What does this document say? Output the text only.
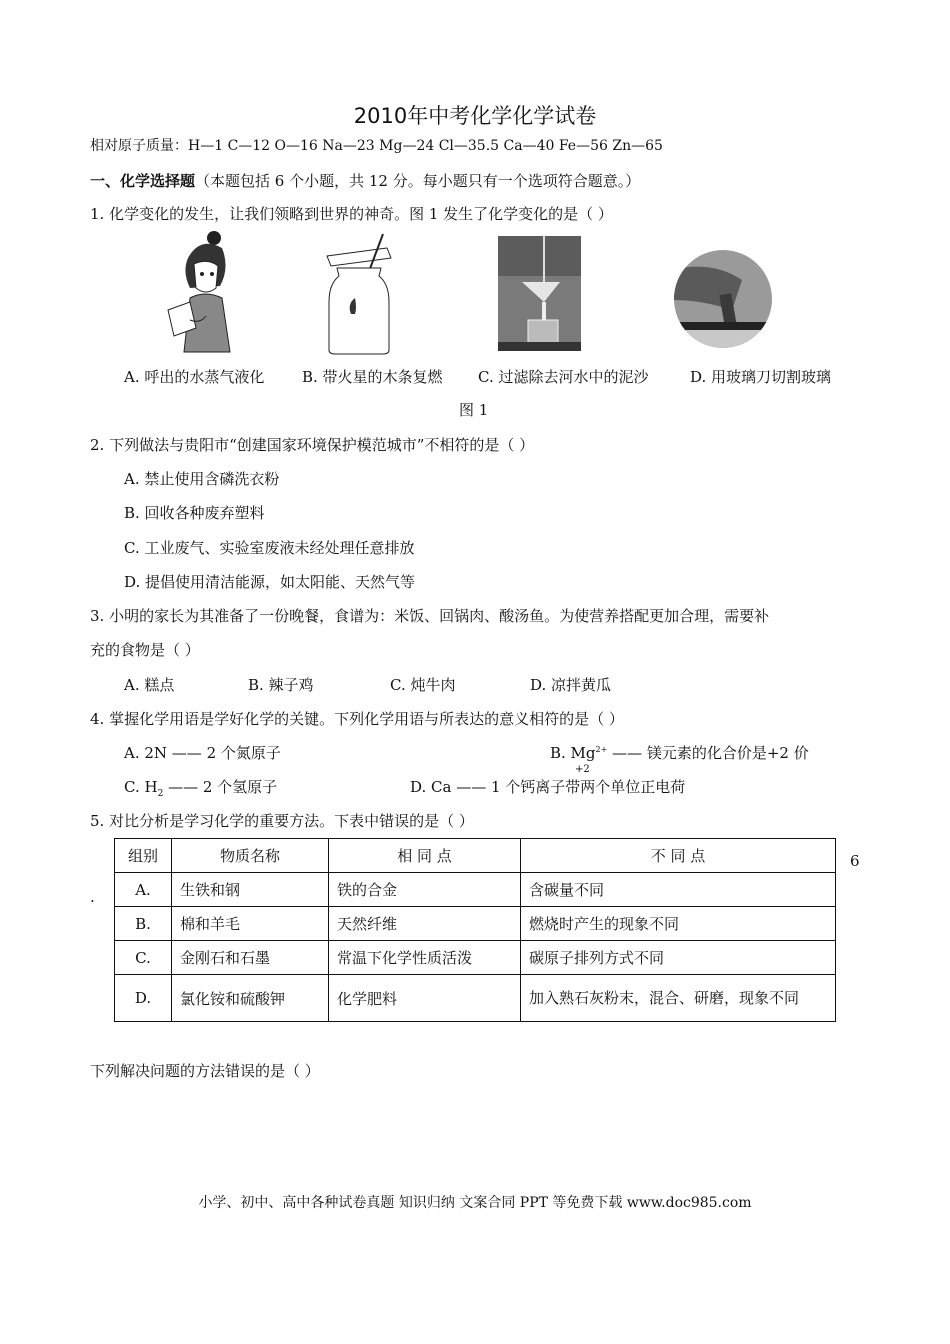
2010年中考化学化学试卷
相对原子质量：H—1 C—12 O—16 Na—23 Mg—24 Cl—35.5 Ca—40 Fe—56 Zn—65
一、化学选择题（本题包括 6 个小题，共 12 分。每小题只有一个选项符合题意。）
1. 化学变化的发生，让我们领略到世界的神奇。图 1 发生了化学变化的是（ ）
A. 呼出的水蒸气液化	B. 带火星的木条复燃 C. 过滤除去河水中的泥沙	D. 用玻璃刀切割玻璃
图 1
2. 下列做法与贵阳市“创建国家环境保护模范城市”不相符的是（ ）
A. 禁止使用含磷洗衣粉
B. 回收各种废弃塑料
C. 工业废气、实验室废液未经处理任意排放
D. 提倡使用清洁能源，如太阳能、天然气等
3. 小明的家长为其准备了一份晚餐，食谱为：米饭、回锅肉、酸汤鱼。为使营养搭配更加合理，需要补
充的食物是（ ）
A. 糕点	B. 辣子鸡	C. 炖牛肉	D. 凉拌黄瓜
4. 掌握化学用语是学好化学的关键。下列化学用语与所表达的意义相符的是（ ）
A. 2N —— 2 个氮原子	B. $Mg^{2+}$ —— 镁元素的化合价是+2 价
C. $H_2$ —— 2 个氢原子	D. Ca —— 1 个钙离子带两个单位正电荷
+2
5. 对比分析是学习化学的重要方法。下表中错误的是（ ）
组别	物质名称	相 同 点	不 同 点
A.	生铁和钢	铁的合金	含碳量不同
B.	棉和羊毛	天然纤维	燃烧时产生的现象不同
C.	金刚石和石墨	常温下化学性质活泼	碳原子排列方式不同
D.	氯化铵和硫酸钾	化学肥料	加入熟石灰粉末，混合、研磨，现象不同
6
.
下列解决问题的方法错误的是（ ）
小学、初中、高中各种试卷真题 知识归纳 文案合同 PPT 等免费下载 www.doc985.com
